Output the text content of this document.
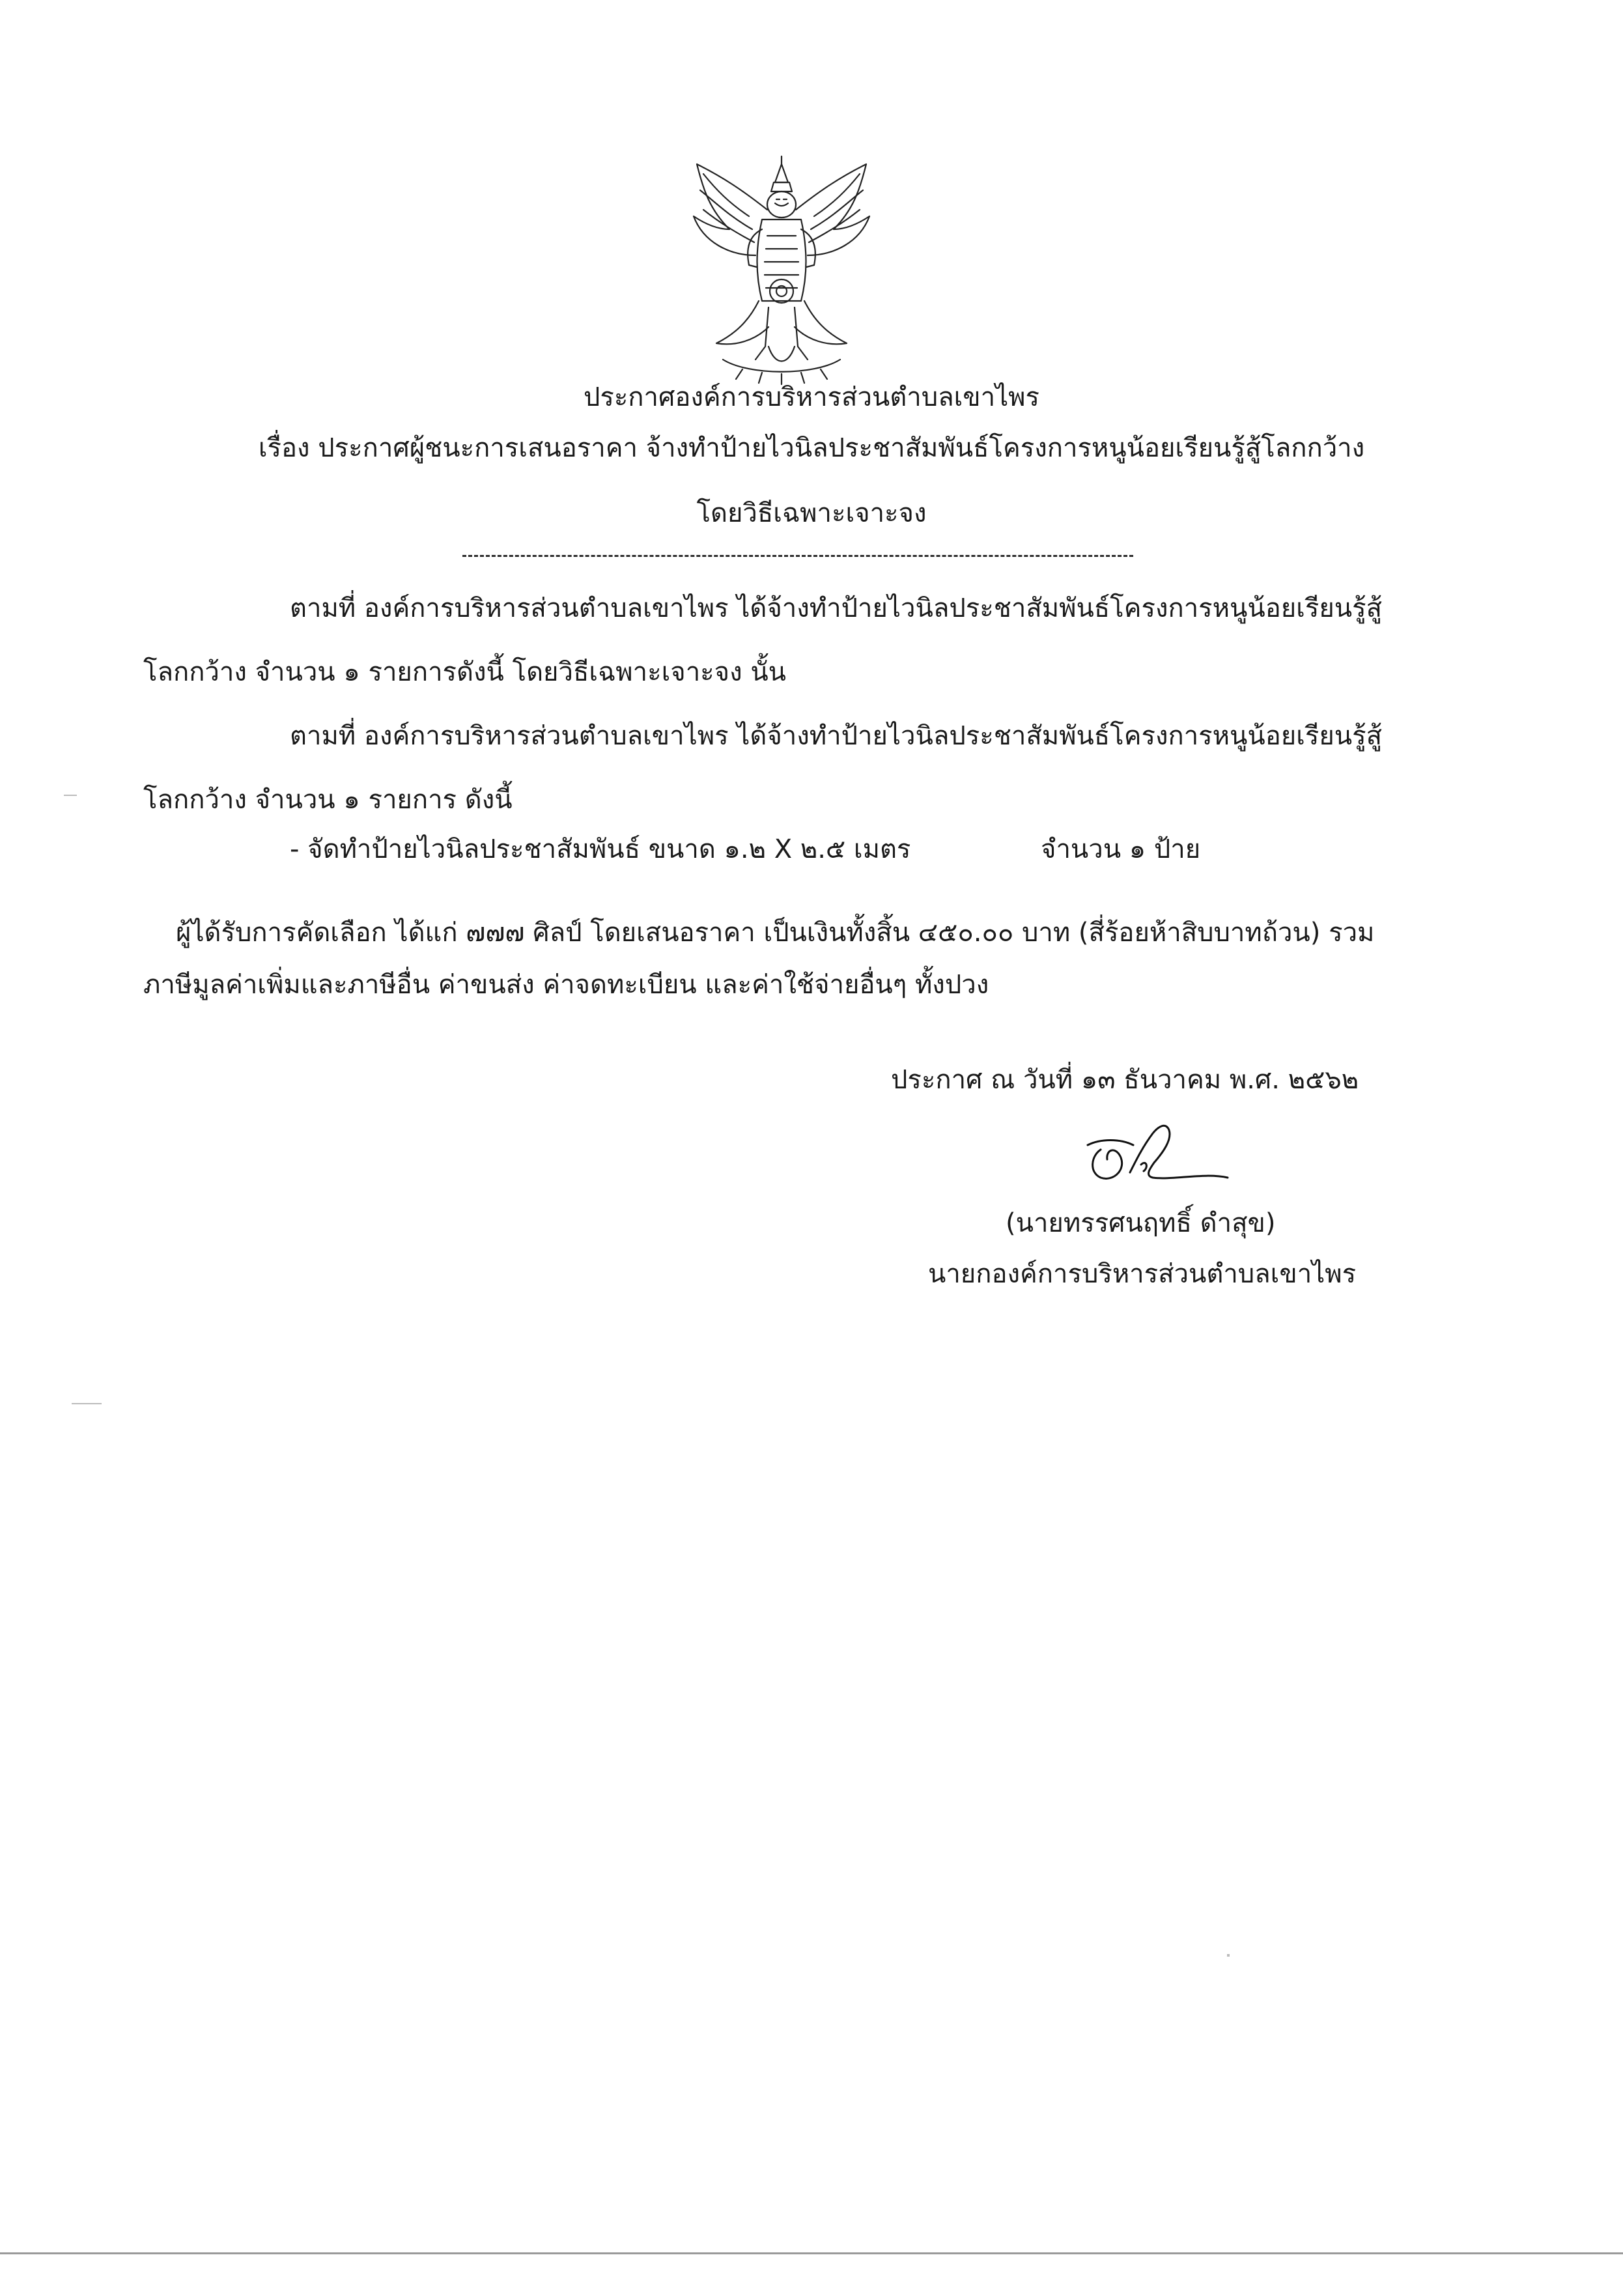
ประกาศองค์การบริหารส่วนตำบลเขาไพร
เรื่อง ประกาศผู้ชนะการเสนอราคา จ้างทำป้ายไวนิลประชาสัมพันธ์โครงการหนูน้อยเรียนรู้สู้โลกกว้าง
โดยวิธีเฉพาะเจาะจง
ตามที่ องค์การบริหารส่วนตำบลเขาไพร ได้จ้างทำป้ายไวนิลประชาสัมพันธ์โครงการหนูน้อยเรียนรู้สู้
โลกกว้าง จำนวน ๑ รายการดังนี้ โดยวิธีเฉพาะเจาะจง นั้น
ตามที่ องค์การบริหารส่วนตำบลเขาไพร ได้จ้างทำป้ายไวนิลประชาสัมพันธ์โครงการหนูน้อยเรียนรู้สู้
โลกกว้าง จำนวน ๑ รายการ ดังนี้
- จัดทำป้ายไวนิลประชาสัมพันธ์ ขนาด ๑.๒ X ๒.๕ เมตร	จำนวน ๑ ป้าย
ผู้ได้รับการคัดเลือก ได้แก่ ๗๗๗ ศิลป์ โดยเสนอราคา เป็นเงินทั้งสิ้น ๔๕๐.๐๐ บาท (สี่ร้อยห้าสิบบาทถ้วน) รวม
ภาษีมูลค่าเพิ่มและภาษีอื่น ค่าขนส่ง ค่าจดทะเบียน และค่าใช้จ่ายอื่นๆ ทั้งปวง
ประกาศ ณ วันที่ ๑๓ ธันวาคม พ.ศ. ๒๕๖๒
(นายทรรศนฤทธิ์ ดำสุข)
นายกองค์การบริหารส่วนตำบลเขาไพร
